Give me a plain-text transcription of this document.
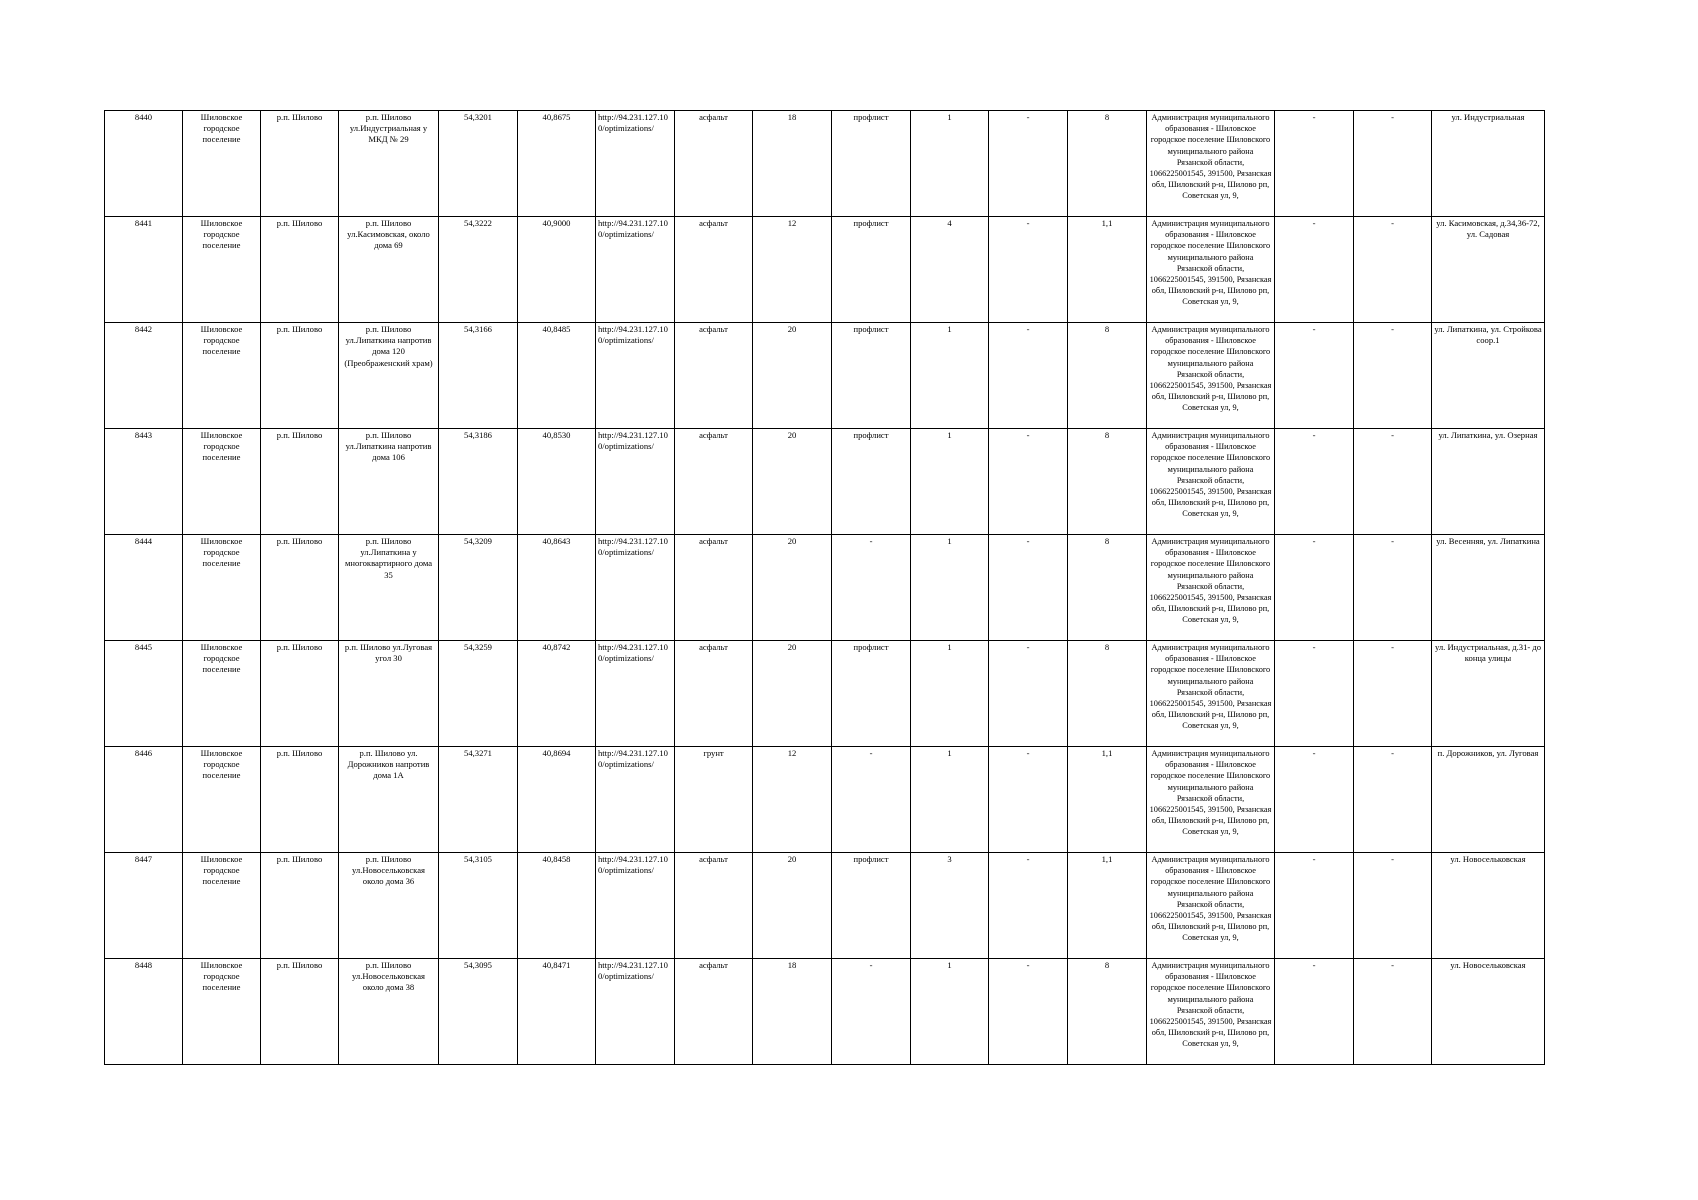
8440	Шиловское городское поселение	р.п. Шилово	р.п. Шилово ул.Индустриальная у МКД № 29	54,3201	40,8675	http://94.231.127.100/optimizations/	асфальт	18	профлист	1	-	8	Администрация муниципального образования - Шиловское городское поселение Шиловского муниципального района Рязанской области, 1066225001545, 391500, Рязанская обл, Шиловский р-н, Шилово рп, Советская ул, 9,	-	-	ул. Индустриальная
8441	Шиловское городское поселение	р.п. Шилово	р.п. Шилово ул.Касимовская, около дома 69	54,3222	40,9000	http://94.231.127.100/optimizations/	асфальт	12	профлист	4	-	1,1	Администрация муниципального образования - Шиловское городское поселение Шиловского муниципального района Рязанской области, 1066225001545, 391500, Рязанская обл, Шиловский р-н, Шилово рп, Советская ул, 9,	-	-	ул. Касимовская, д.34,36-72, ул. Садовая
8442	Шиловское городское поселение	р.п. Шилово	р.п. Шилово ул.Липаткина напротив дома 120 (Преображенский храм)	54,3166	40,8485	http://94.231.127.100/optimizations/	асфальт	20	профлист	1	-	8	Администрация муниципального образования - Шиловское городское поселение Шиловского муниципального района Рязанской области, 1066225001545, 391500, Рязанская обл, Шиловский р-н, Шилово рп, Советская ул, 9,	-	-	ул. Липаткина, ул. Стройкова соор.1
8443	Шиловское городское поселение	р.п. Шилово	р.п. Шилово ул.Липаткина напротив дома 106	54,3186	40,8530	http://94.231.127.100/optimizations/	асфальт	20	профлист	1	-	8	Администрация муниципального образования - Шиловское городское поселение Шиловского муниципального района Рязанской области, 1066225001545, 391500, Рязанская обл, Шиловский р-н, Шилово рп, Советская ул, 9,	-	-	ул. Липаткина, ул. Озерная
8444	Шиловское городское поселение	р.п. Шилово	р.п. Шилово ул.Липаткина у многоквартирного дома 35	54,3209	40,8643	http://94.231.127.100/optimizations/	асфальт	20	-	1	-	8	Администрация муниципального образования - Шиловское городское поселение Шиловского муниципального района Рязанской области, 1066225001545, 391500, Рязанская обл, Шиловский р-н, Шилово рп, Советская ул, 9,	-	-	ул. Весенняя, ул. Липаткина
8445	Шиловское городское поселение	р.п. Шилово	р.п. Шилово ул.Луговая угол 30	54,3259	40,8742	http://94.231.127.100/optimizations/	асфальт	20	профлист	1	-	8	Администрация муниципального образования - Шиловское городское поселение Шиловского муниципального района Рязанской области, 1066225001545, 391500, Рязанская обл, Шиловский р-н, Шилово рп, Советская ул, 9,	-	-	ул. Индустриальная, д.31- до конца улицы
8446	Шиловское городское поселение	р.п. Шилово	р.п. Шилово ул. Дорожников напротив дома 1А	54,3271	40,8694	http://94.231.127.100/optimizations/	грунт	12	-	1	-	1,1	Администрация муниципального образования - Шиловское городское поселение Шиловского муниципального района Рязанской области, 1066225001545, 391500, Рязанская обл, Шиловский р-н, Шилово рп, Советская ул, 9,	-	-	п. Дорожников, ул. Луговая
8447	Шиловское городское поселение	р.п. Шилово	р.п. Шилово ул.Новосельковская около дома 36	54,3105	40,8458	http://94.231.127.100/optimizations/	асфальт	20	профлист	3	-	1,1	Администрация муниципального образования - Шиловское городское поселение Шиловского муниципального района Рязанской области, 1066225001545, 391500, Рязанская обл, Шиловский р-н, Шилово рп, Советская ул, 9,	-	-	ул. Новосельковская
8448	Шиловское городское поселение	р.п. Шилово	р.п. Шилово ул.Новосельковская около дома 38	54,3095	40,8471	http://94.231.127.100/optimizations/	асфальт	18	-	1	-	8	Администрация муниципального образования - Шиловское городское поселение Шиловского муниципального района Рязанской области, 1066225001545, 391500, Рязанская обл, Шиловский р-н, Шилово рп, Советская ул, 9,	-	-	ул. Новосельковская
